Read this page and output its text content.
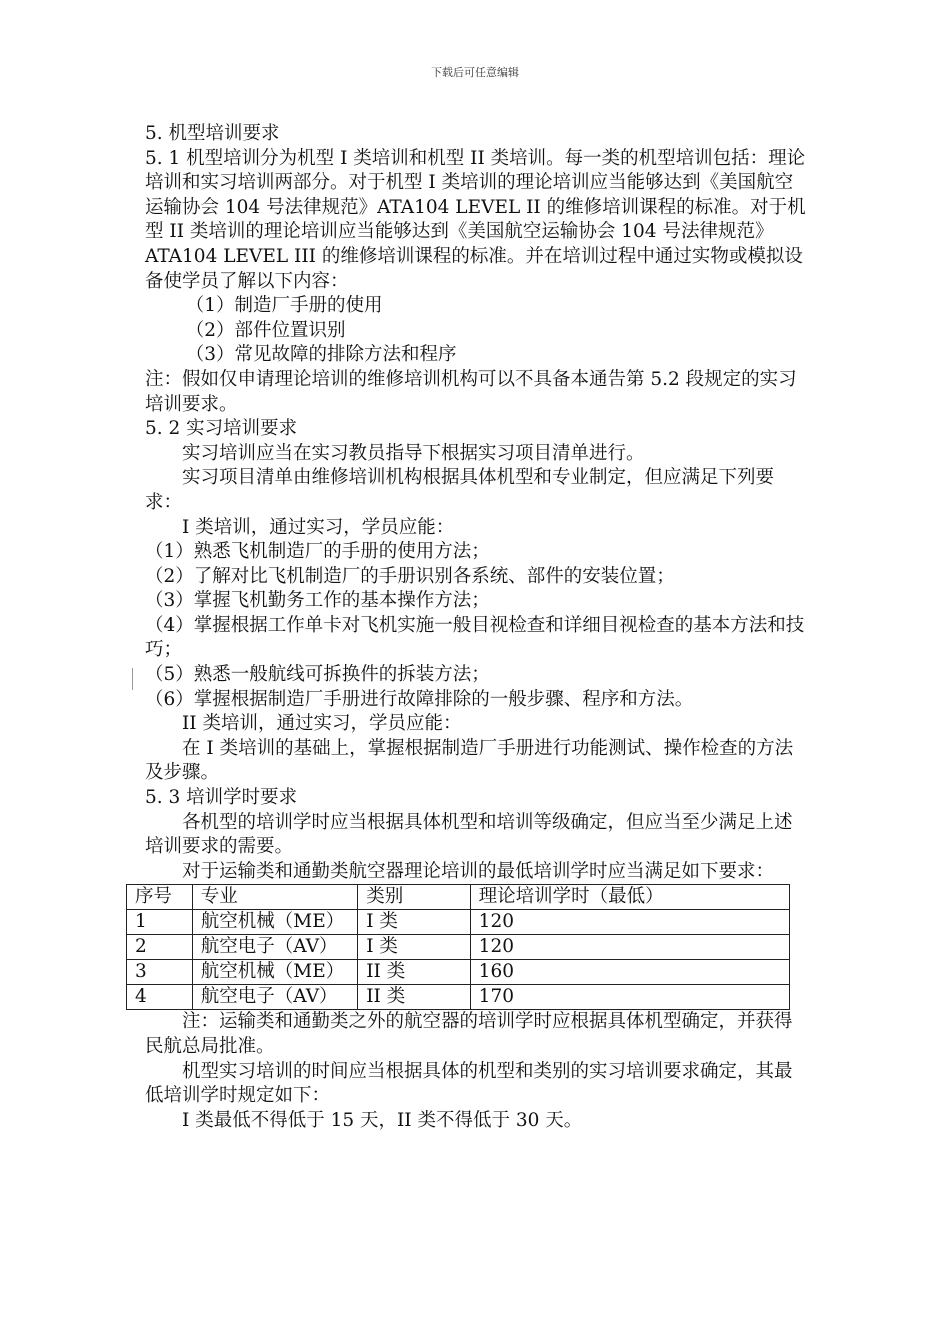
下载后可任意编辑

5. 机型培训要求

5. 1 机型培训分为机型 I 类培训和机型 II 类培训。每一类的机型培训包括：理论培训和实习培训两部分。对于机型 I 类培训的理论培训应当能够达到《美国航空运输协会 104 号法律规范》ATA104 LEVEL II 的维修培训课程的标准。对于机型 II 类培训的理论培训应当能够达到《美国航空运输协会 104 号法律规范》ATA104 LEVEL III 的维修培训课程的标准。并在培训过程中通过实物或模拟设备使学员了解以下内容：

（1）制造厂手册的使用

（2）部件位置识别

（3）常见故障的排除方法和程序

注：假如仅申请理论培训的维修培训机构可以不具备本通告第 5.2 段规定的实习培训要求。

5. 2 实习培训要求

实习培训应当在实习教员指导下根据实习项目清单进行。

实习项目清单由维修培训机构根据具体机型和专业制定，但应满足下列要求：

I 类培训，通过实习，学员应能：

（1）熟悉飞机制造厂的手册的使用方法；

（2）了解对比飞机制造厂的手册识别各系统、部件的安装位置；

（3）掌握飞机勤务工作的基本操作方法；

（4）掌握根据工作单卡对飞机实施一般目视检查和详细目视检查的基本方法和技巧；

（5）熟悉一般航线可拆换件的拆装方法；

（6）掌握根据制造厂手册进行故障排除的一般步骤、程序和方法。

II 类培训，通过实习，学员应能：

在 I 类培训的基础上，掌握根据制造厂手册进行功能测试、操作检查的方法及步骤。

5. 3 培训学时要求

各机型的培训学时应当根据具体机型和培训等级确定，但应当至少满足上述培训要求的需要。

对于运输类和通勤类航空器理论培训的最低培训学时应当满足如下要求：

序号	专业	类别	理论培训学时（最低）
1	航空机械（ME）	I 类	120
2	航空电子（AV）	I 类	120
3	航空机械（ME）	II 类	160
4	航空电子（AV）	II 类	170

注：运输类和通勤类之外的航空器的培训学时应根据具体机型确定，并获得民航总局批准。

机型实习培训的时间应当根据具体的机型和类别的实习培训要求确定，其最低培训学时规定如下：

I 类最低不得低于 15 天，II 类不得低于 30 天。
